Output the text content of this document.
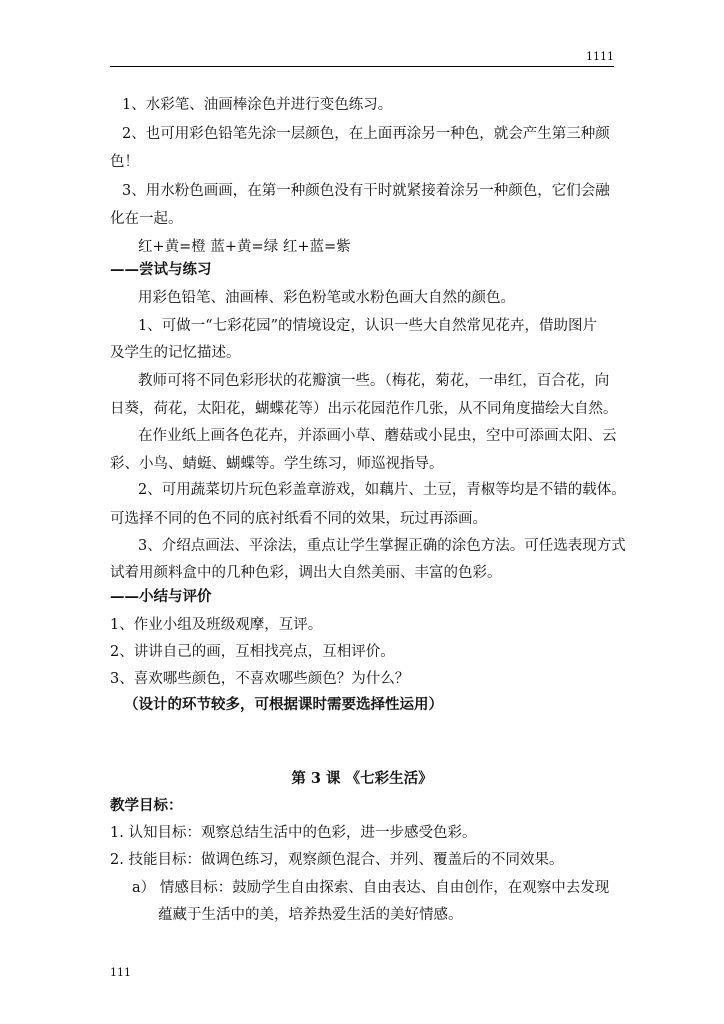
1111
1、水彩笔、油画棒涂色并进行变色练习。
2、也可用彩色铅笔先涂一层颜色，在上面再涂另一种色，就会产生第三种颜
色！
3、用水粉色画画，在第一种颜色没有干时就紧接着涂另一种颜色，它们会融
化在一起。
红+黄=橙 蓝+黄=绿 红+蓝=紫
——尝试与练习
用彩色铅笔、油画棒、彩色粉笔或水粉色画大自然的颜色。
1、可做一“七彩花园”的情境设定，认识一些大自然常见花卉，借助图片
及学生的记忆描述。
教师可将不同色彩形状的花瓣演一些。（梅花，菊花，一串红，百合花，向
日葵，荷花，太阳花，蝴蝶花等）出示花园范作几张，从不同角度描绘大自然。
在作业纸上画各色花卉，并添画小草、蘑菇或小昆虫，空中可添画太阳、云
彩、小鸟、蜻蜓、蝴蝶等。学生练习，师巡视指导。
2、可用蔬菜切片玩色彩盖章游戏，如藕片、土豆，青椒等均是不错的载体。
可选择不同的色不同的底衬纸看不同的效果，玩过再添画。
3、介绍点画法、平涂法，重点让学生掌握正确的涂色方法。可任选表现方式
试着用颜料盒中的几种色彩，调出大自然美丽、丰富的色彩。
——小结与评价
1、作业小组及班级观摩，互评。
2、讲讲自己的画，互相找亮点，互相评价。
3、喜欢哪些颜色，不喜欢哪些颜色？为什么？
（设计的环节较多，可根据课时需要选择性运用）
第 3 课 《七彩生活》
教学目标：
1. 认知目标：观察总结生活中的色彩，进一步感受色彩。
2. 技能目标：做调色练习，观察颜色混合、并列、覆盖后的不同效果。
a） 情感目标：鼓励学生自由探索、自由表达、自由创作，在观察中去发现
蕴藏于生活中的美，培养热爱生活的美好情感。
111
